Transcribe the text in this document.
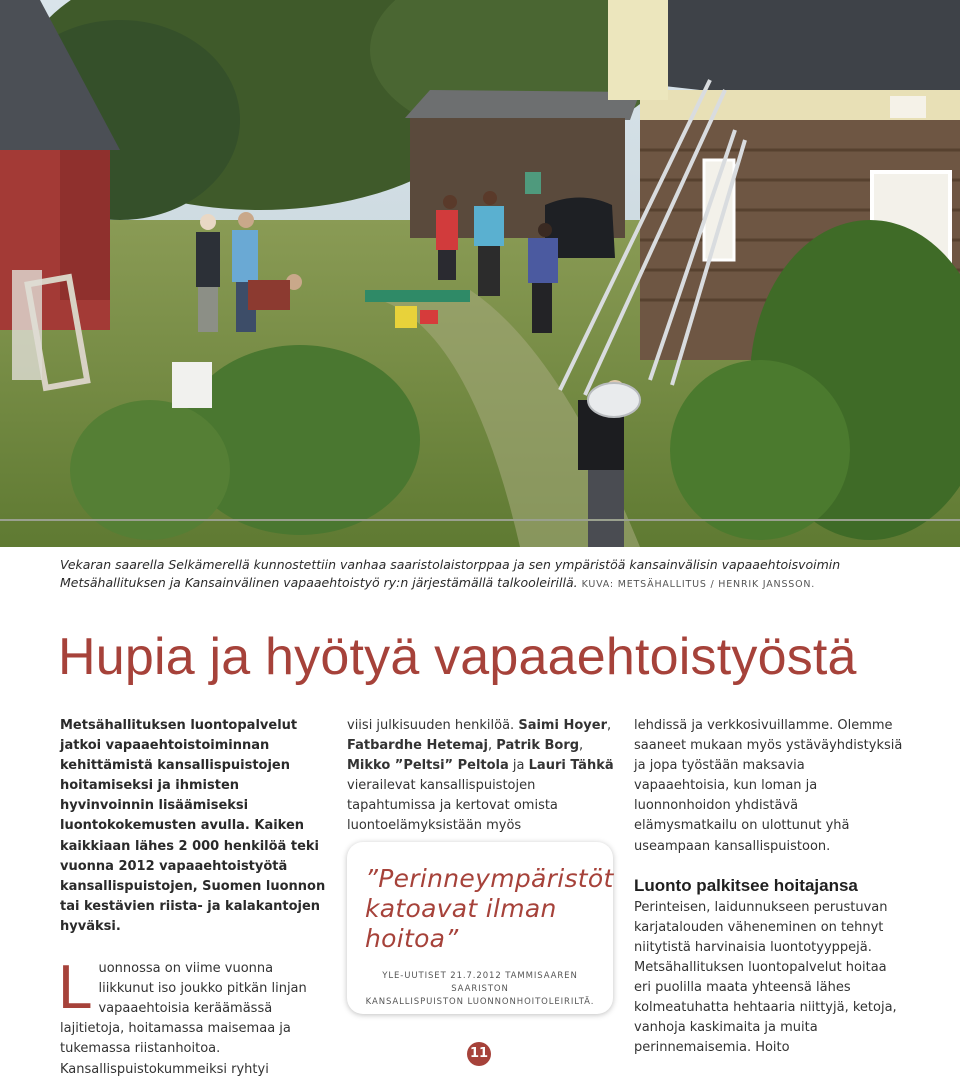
Vekaran saarella Selkämerellä kunnostettiin vanhaa saaristolaistorppaa ja sen ympäristöä kansainvälisin vapaaehtoisvoimin Metsähallituksen ja Kansainvälinen vapaaehtoistyö ry:n järjestämällä talkooleirillä. KUVA: METSÄHALLITUS / HENRIK JANSSON.
Hupia ja hyötyä vapaaehtoistyöstä
Metsähallituksen luontopalvelut jatkoi vapaaehtoistoiminnan kehittämistä kansallispuistojen hoitamiseksi ja ihmisten hyvinvoinnin lisäämiseksi luontokokemusten avulla. Kaiken kaikkiaan lähes 2 000 henkilöä teki vuonna 2012 vapaaehtoistyötä kansallispuistojen, Suomen luonnon tai kestävien riista- ja kalakantojen hyväksi.
Luonnossa on viime vuonna liikkunut iso joukko pitkän linjan vapaaehtoisia keräämässä lajitietoja, hoitamassa maisemaa ja tukemassa riistanhoitoa. Kansallispuistokummeiksi ryhtyi
viisi julkisuuden henkilöä. Saimi Hoyer, Fatbardhe Hetemaj, Patrik Borg, Mikko ”Peltsi” Peltola ja Lauri Tähkä vierailevat kansallispuistojen tapahtumissa ja kertovat omista luontoelämyksistään myös
”Perinneympäristöt katoavat ilman hoitoa”
YLE-UUTISET 21.7.2012 TAMMISAAREN SAARISTON
KANSALLISPUISTON LUONNONHOITOLEIRILTÄ.
lehdissä ja verkkosivuillamme. Olemme saaneet mukaan myös ystäväyhdistyksiä ja jopa työstään maksavia vapaaehtoisia, kun loman ja luonnonhoidon yhdistävä elämysmatkailu on ulottunut yhä useampaan kansallispuistoon.
Luonto palkitsee hoitajansa
Perinteisen, laidunnukseen perustuvan karjatalouden väheneminen on tehnyt niitytistä harvinaisia luontotyyppejä. Metsähallituksen luontopalvelut hoitaa eri puolilla maata yhteensä lähes kolmeatuhatta hehtaaria niittyjä, ketoja, vanhoja kaskimaita ja muita perinnemaisemia. Hoito
11
